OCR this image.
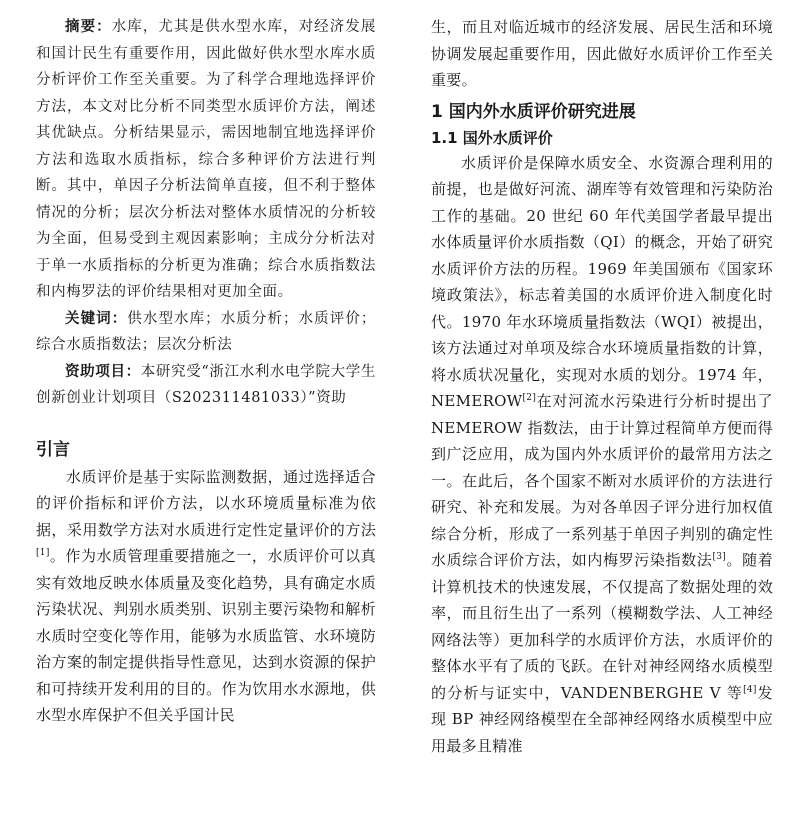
摘要：水库，尤其是供水型水库，对经济发展和国计民生有重要作用，因此做好供水型水库水质分析评价工作至关重要。为了科学合理地选择评价方法，本文对比分析不同类型水质评价方法，阐述其优缺点。分析结果显示，需因地制宜地选择评价方法和选取水质指标，综合多种评价方法进行判断。其中，单因子分析法简单直接，但不利于整体情况的分析；层次分析法对整体水质情况的分析较为全面，但易受到主观因素影响；主成分分析法对于单一水质指标的分析更为准确；综合水质指数法和内梅罗法的评价结果相对更加全面。

关键词：供水型水库；水质分析；水质评价；综合水质指数法；层次分析法

资助项目：本研究受“浙江水利水电学院大学生创新创业计划项目（S202311481033）”资助

引言

水质评价是基于实际监测数据，通过选择适合的评价指标和评价方法，以水环境质量标准为依据，采用数学方法对水质进行定性定量评价的方法[1]。作为水质管理重要措施之一，水质评价可以真实有效地反映水体质量及变化趋势，具有确定水质污染状况、判别水质类别、识别主要污染物和解析水质时空变化等作用，能够为水质监管、水环境防治方案的制定提供指导性意见，达到水资源的保护和可持续开发利用的目的。作为饮用水水源地，供水型水库保护不但关乎国计民

生，而且对临近城市的经济发展、居民生活和环境协调发展起重要作用，因此做好水质评价工作至关重要。

1 国内外水质评价研究进展
1.1 国外水质评价

水质评价是保障水质安全、水资源合理利用的前提，也是做好河流、湖库等有效管理和污染防治工作的基础。20 世纪 60 年代美国学者最早提出水体质量评价水质指数（QI）的概念，开始了研究水质评价方法的历程。1969 年美国颁布《国家环境政策法》，标志着美国的水质评价进入制度化时代。1970 年水环境质量指数法（WQI）被提出，该方法通过对单项及综合水环境质量指数的计算，将水质状况量化，实现对水质的划分。1974 年，NEMEROW[2]在对河流水污染进行分析时提出了 NEMEROW 指数法，由于计算过程简单方便而得到广泛应用，成为国内外水质评价的最常用方法之一。在此后，各个国家不断对水质评价的方法进行研究、补充和发展。为对各单因子评分进行加权值综合分析，形成了一系列基于单因子判别的确定性水质综合评价方法，如内梅罗污染指数法[3]。随着计算机技术的快速发展，不仅提高了数据处理的效率，而且衍生出了一系列（模糊数学法、人工神经网络法等）更加科学的水质评价方法，水质评价的整体水平有了质的飞跃。在针对神经网络水质模型的分析与证实中，VANDENBERGHE V 等[4]发现 BP 神经网络模型在全部神经网络水质模型中应用最多且精准
